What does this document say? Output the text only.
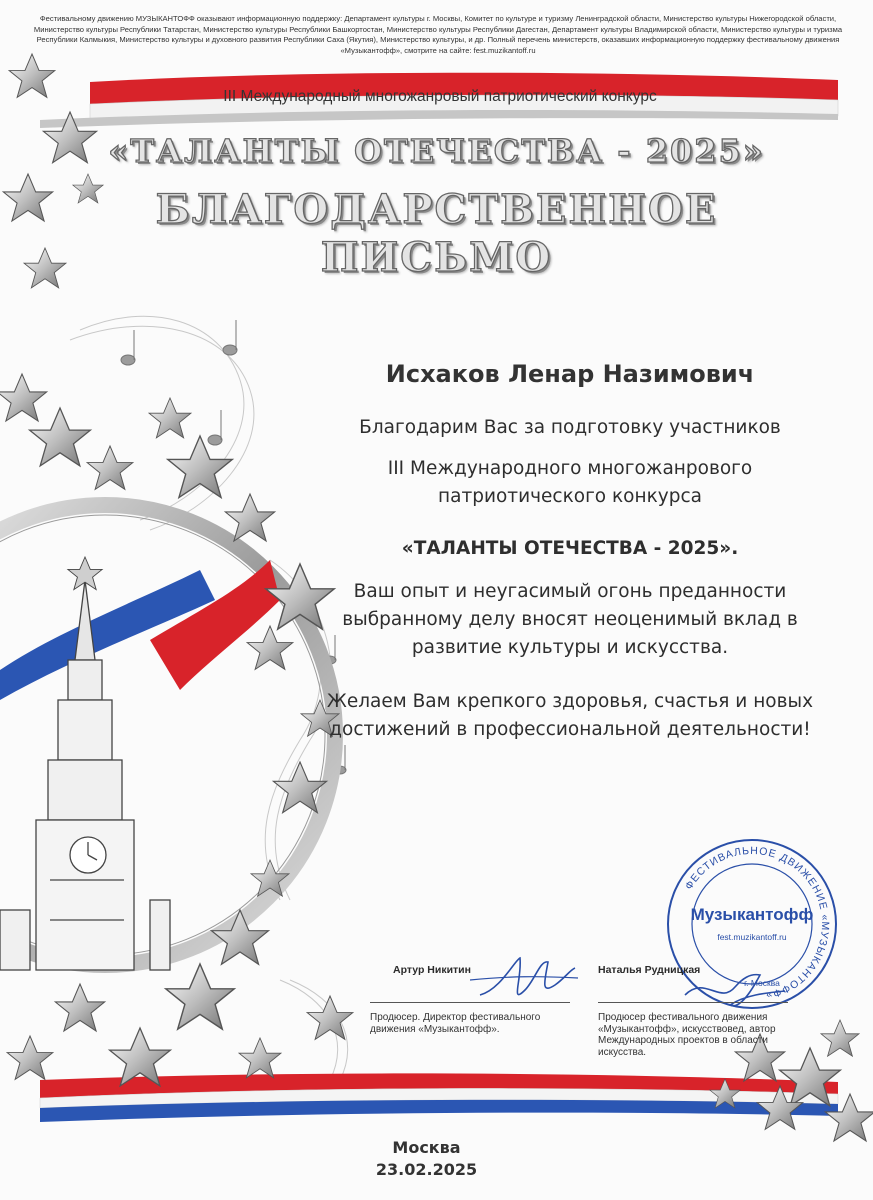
Фестивальному движению МУЗЫКАНТОФФ оказывают информационную поддержку: Департамент культуры г. Москвы, Комитет по культуре и туризму Ленинградской области, Министерство культуры Нижегородской области, Министерство культуры Республики Татарстан, Министерство культуры Республики Башкортостан, Министерство культуры Республики Дагестан, Департамент культуры Владимирской области, Министерство культуры и туризма Республики Калмыкия, Министерство культуры и духовного развития Республики Саха (Якутия), Министерство культуры, и др. Полный перечень министерств, оказавших информационную поддержку фестивальному движения «Музыкантофф», смотрите на сайте: fest.muzikantoff.ru
III Международный многожанровый патриотический конкурс
«ТАЛАНТЫ ОТЕЧЕСТВА - 2025»
БЛАГОДАРСТВЕННОЕ
ПИСЬМО
Исхаков Ленар Назимович
Благодарим Вас за подготовку участников
III Международного многожанрового патриотического конкурса
«ТАЛАНТЫ ОТЕЧЕСТВА - 2025».
Ваш опыт и неугасимый огонь преданности выбранному делу вносят неоценимый вклад в развитие культуры и искусства.
Желаем Вам крепкого здоровья, счастья и новых достижений в профессиональной деятельности!
ФЕСТИВАЛЬНОЕ ДВИЖЕНИЕ «МУЗЫКАНТОФФ»
Музыкантофф
fest.muzikantoff.ru
г. Москва
Артур Никитин
Продюсер. Директор фестивального движения «Музыкантофф».
Наталья Рудницкая
Продюсер фестивального движения «Музыкантофф», искусствовед, автор Международных проектов в области искусства.
Москва
23.02.2025
